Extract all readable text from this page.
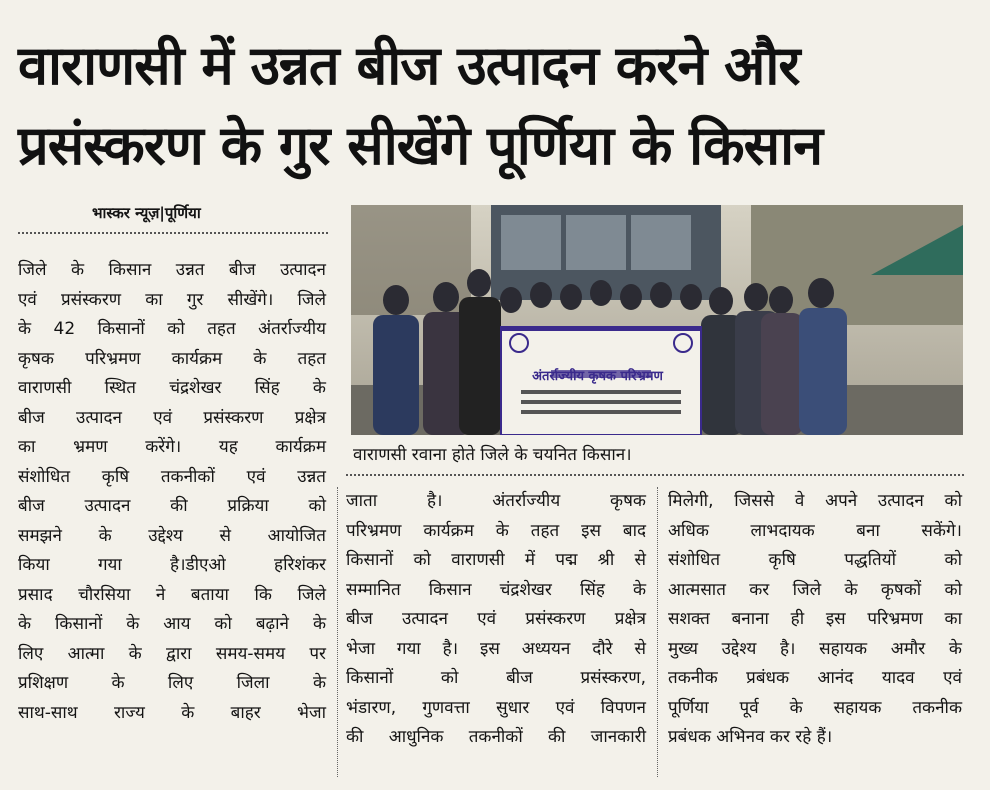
वाराणसी में उन्नत बीज उत्पादन करने और
प्रसंस्करण के गुर सीखेंगे पूर्णिया के किसान
भास्कर न्यूज़|पूर्णिया

जिले के किसान उन्नत बीज उत्पादन

एवं प्रसंस्करण का गुर सीखेंगे। जिले

के 42 किसानों को तहत अंतर्राज्यीय

कृषक परिभ्रमण कार्यक्रम के तहत

वाराणसी स्थित चंद्रशेखर सिंह के

बीज उत्पादन एवं प्रसंस्करण प्रक्षेत्र

का भ्रमण करेंगे। यह कार्यक्रम

संशोधित कृषि तकनीकों एवं उन्नत

बीज उत्पादन की प्रक्रिया को

समझने के उद्देश्य से आयोजित

किया गया है।डीएओ हरिशंकर

प्रसाद चौरसिया ने बताया कि जिले

के किसानों के आय को बढ़ाने के

लिए आत्मा के द्वारा समय-समय पर

प्रशिक्षण के लिए जिला के

साथ-साथ राज्य के बाहर भेजा

अंतर्राज्यीय कृषक परिभ्रमण
वाराणसी रवाना होते जिले के चयनित किसान।

जाता है। अंतर्राज्यीय कृषक

परिभ्रमण कार्यक्रम के तहत इस बाद

किसानों को वाराणसी में पद्म श्री से

सम्मानित किसान चंद्रशेखर सिंह के

बीज उत्पादन एवं प्रसंस्करण प्रक्षेत्र

भेजा गया है। इस अध्ययन दौरे से

किसानों को बीज प्रसंस्करण,

भंडारण, गुणवत्ता सुधार एवं विपणन

की आधुनिक तकनीकों की जानकारी

मिलेगी, जिससे वे अपने उत्पादन को

अधिक लाभदायक बना सकेंगे।

संशोधित कृषि पद्धतियों को

आत्मसात कर जिले के कृषकों को

सशक्त बनाना ही इस परिभ्रमण का

मुख्य उद्देश्य है। सहायक अमौर के

तकनीक प्रबंधक आनंद यादव एवं

पूर्णिया पूर्व के सहायक तकनीक

प्रबंधक अभिनव कर रहे हैं।
